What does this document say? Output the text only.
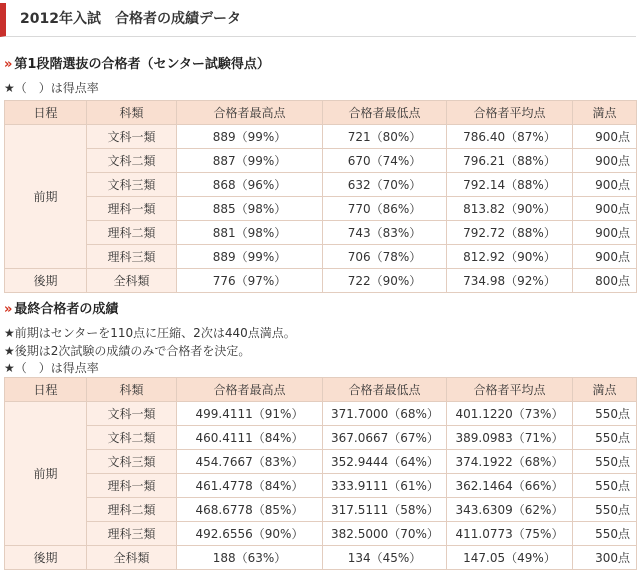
2012年入試　合格者の成績データ
» 第1段階選抜の合格者（センター試験得点）
★（　）は得点率
日程	科類	合格者最高点	合格者最低点	合格者平均点	満点
前期	文科一類	889（99%）	721（80%）	786.40（87%）	900点
	文科二類	887（99%）	670（74%）	796.21（88%）	900点
	文科三類	868（96%）	632（70%）	792.14（88%）	900点
	理科一類	885（98%）	770（86%）	813.82（90%）	900点
	理科二類	881（98%）	743（83%）	792.72（88%）	900点
	理科三類	889（99%）	706（78%）	812.92（90%）	900点
後期	全科類	776（97%）	722（90%）	734.98（92%）	800点
» 最終合格者の成績
★前期はセンターを110点に圧縮、2次は440点満点。
★後期は2次試験の成績のみで合格者を決定。
★（　）は得点率
日程	科類	合格者最高点	合格者最低点	合格者平均点	満点
前期	文科一類	499.4111（91%）	371.7000（68%）	401.1220（73%）	550点
	文科二類	460.4111（84%）	367.0667（67%）	389.0983（71%）	550点
	文科三類	454.7667（83%）	352.9444（64%）	374.1922（68%）	550点
	理科一類	461.4778（84%）	333.9111（61%）	362.1464（66%）	550点
	理科二類	468.6778（85%）	317.5111（58%）	343.6309（62%）	550点
	理科三類	492.6556（90%）	382.5000（70%）	411.0773（75%）	550点
後期	全科類	188（63%）	134（45%）	147.05（49%）	300点
